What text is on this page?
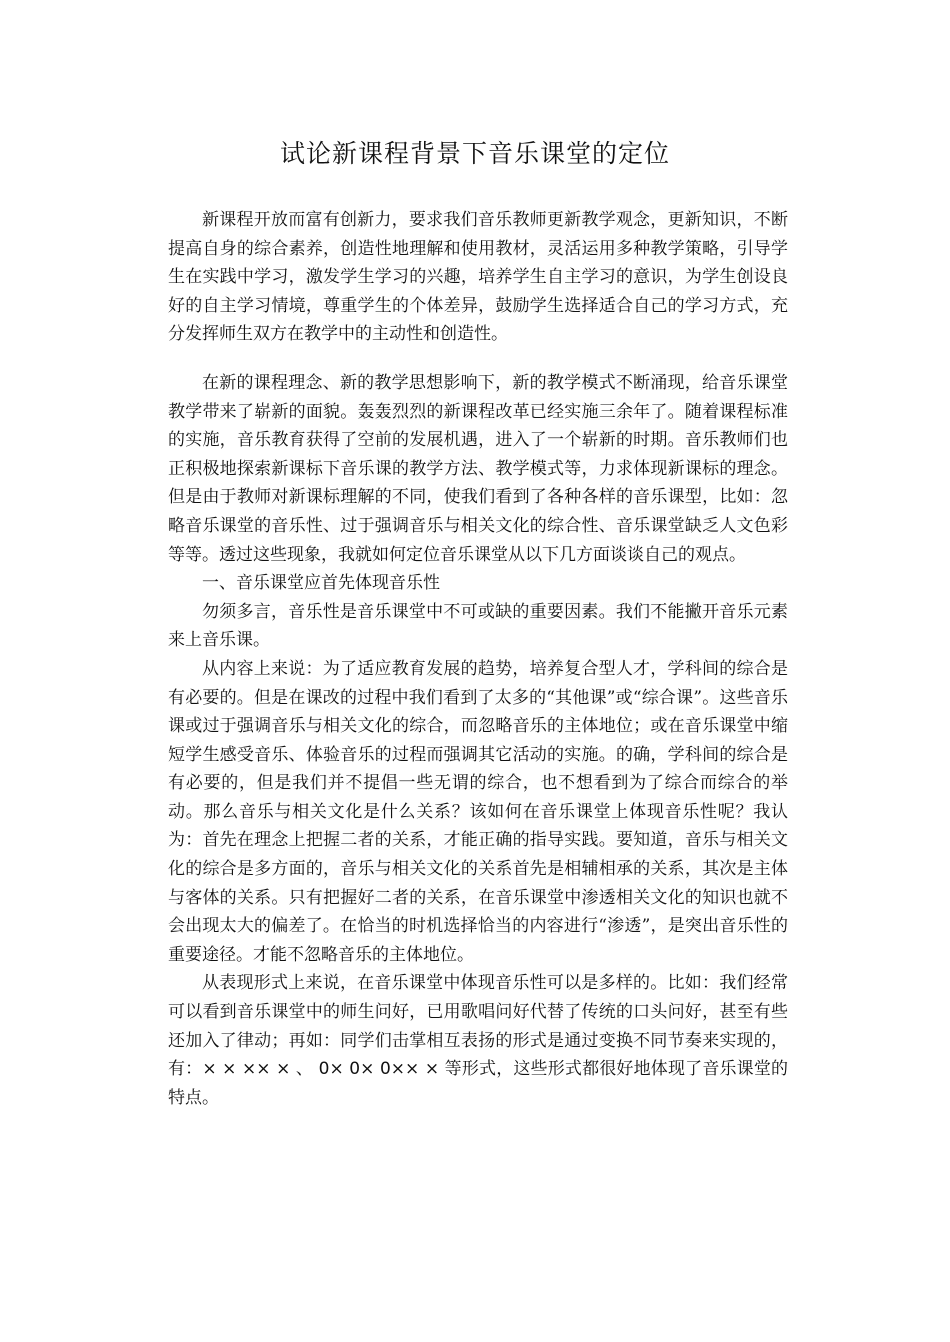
试论新课程背景下音乐课堂的定位

新课程开放而富有创新力，要求我们音乐教师更新教学观念，更新知识，不断提高自身的综合素养，创造性地理解和使用教材，灵活运用多种教学策略，引导学生在实践中学习，激发学生学习的兴趣，培养学生自主学习的意识，为学生创设良好的自主学习情境，尊重学生的个体差异，鼓励学生选择适合自己的学习方式，充分发挥师生双方在教学中的主动性和创造性。

在新的课程理念、新的教学思想影响下，新的教学模式不断涌现，给音乐课堂教学带来了崭新的面貌。轰轰烈烈的新课程改革已经实施三余年了。随着课程标准的实施，音乐教育获得了空前的发展机遇，进入了一个崭新的时期。音乐教师们也正积极地探索新课标下音乐课的教学方法、教学模式等，力求体现新课标的理念。但是由于教师对新课标理解的不同，使我们看到了各种各样的音乐课型，比如：忽略音乐课堂的音乐性、过于强调音乐与相关文化的综合性、音乐课堂缺乏人文色彩等等。透过这些现象，我就如何定位音乐课堂从以下几方面谈谈自己的观点。

一、音乐课堂应首先体现音乐性

勿须多言，音乐性是音乐课堂中不可或缺的重要因素。我们不能撇开音乐元素来上音乐课。

从内容上来说：为了适应教育发展的趋势，培养复合型人才，学科间的综合是有必要的。但是在课改的过程中我们看到了太多的“其他课”或“综合课”。这些音乐课或过于强调音乐与相关文化的综合，而忽略音乐的主体地位；或在音乐课堂中缩短学生感受音乐、体验音乐的过程而强调其它活动的实施。的确，学科间的综合是有必要的，但是我们并不提倡一些无谓的综合，也不想看到为了综合而综合的举动。那么音乐与相关文化是什么关系？该如何在音乐课堂上体现音乐性呢？我认为：首先在理念上把握二者的关系，才能正确的指导实践。要知道，音乐与相关文化的综合是多方面的，音乐与相关文化的关系首先是相辅相承的关系，其次是主体与客体的关系。只有把握好二者的关系，在音乐课堂中渗透相关文化的知识也就不会出现太大的偏差了。在恰当的时机选择恰当的内容进行“渗透”，是突出音乐性的重要途径。才能不忽略音乐的主体地位。

从表现形式上来说，在音乐课堂中体现音乐性可以是多样的。比如：我们经常可以看到音乐课堂中的师生问好，已用歌唱问好代替了传统的口头问好，甚至有些还加入了律动；再如：同学们击掌相互表扬的形式是通过变换不同节奏来实现的，有：× × ×× × 、 0× 0× 0×× × 等形式，这些形式都很好地体现了音乐课堂的特点。
